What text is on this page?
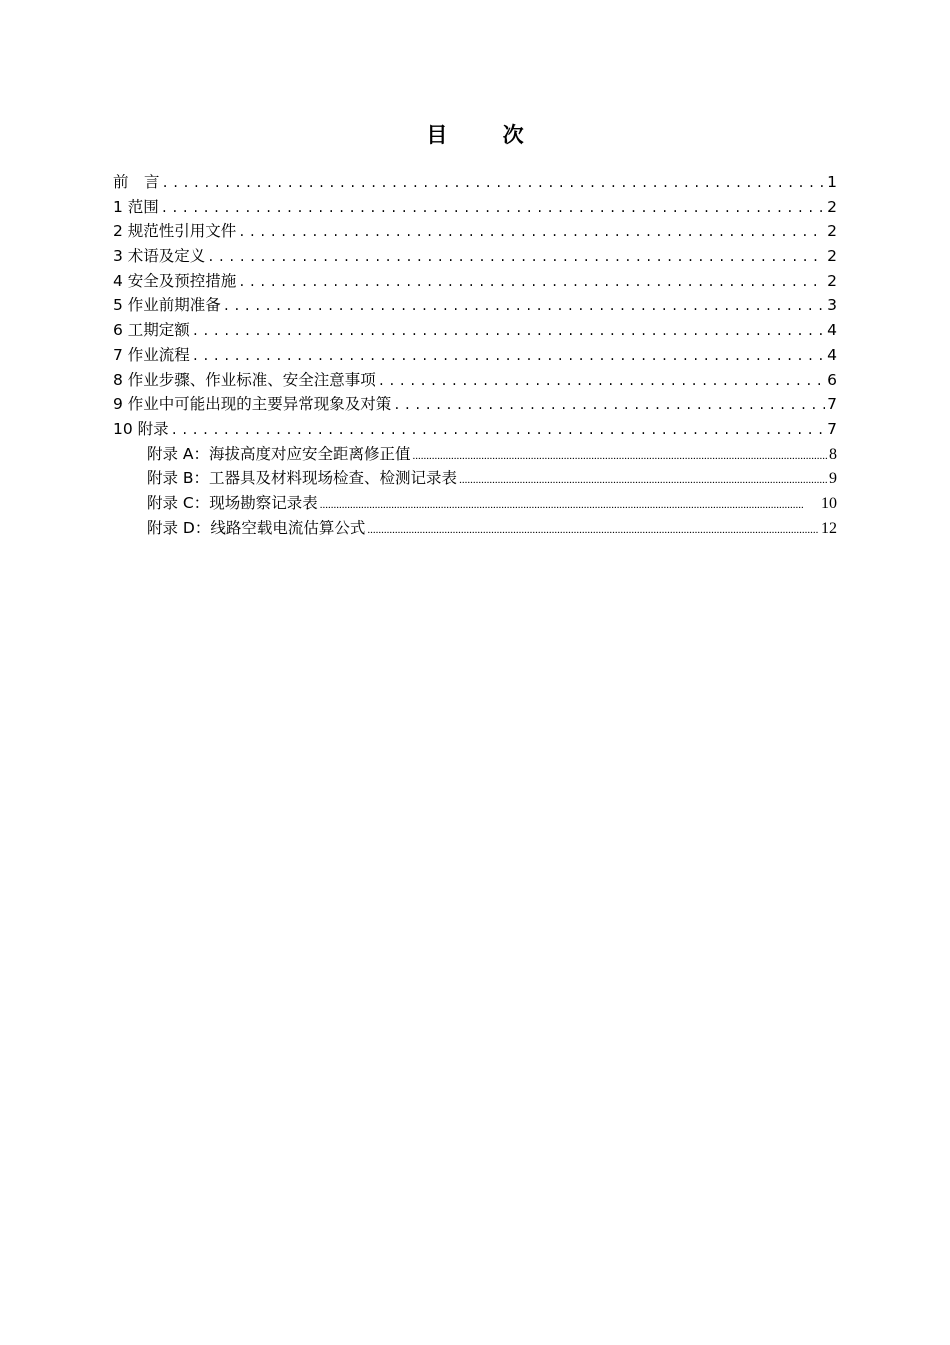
目 次
前　言 .....	1
1 范围 .....	2
2 规范性引用文件 .....	2
3 术语及定义 .....	2
4 安全及预控措施 .....	2
5 作业前期准备 .....	3
6 工期定额 .....	4
7 作业流程 .....	4
8 作业步骤、作业标准、安全注意事项 .....	6
9 作业中可能出现的主要异常现象及对策 .....	7
10 附录 .....	7
附录 A：海拔高度对应安全距离修正值 .....	8
附录 B：工器具及材料现场检查、检测记录表 .....	9
附录 C：现场勘察记录表 .....	10
附录 D：线路空载电流估算公式 .....	12
